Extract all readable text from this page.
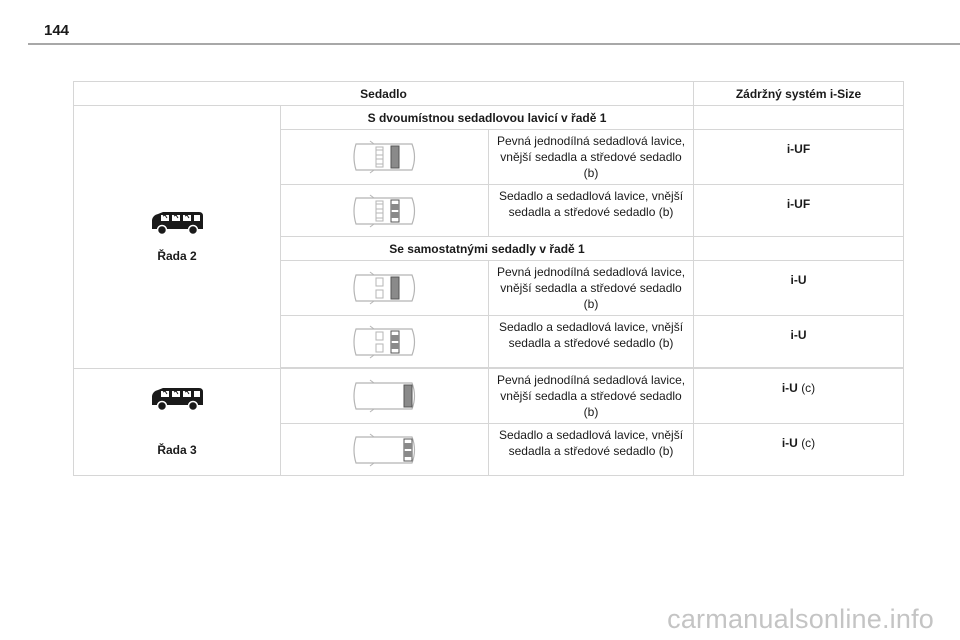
144
Sedadlo			Zádržný systém i-Size

Řada 2	S dvoumístnou sedadlovou lavicí v řadě 1		

	Pevná jednodílná sedadlová lavice, vnější sedadla a středové sedadlo (b)	i-UF

	Sedadlo a sedadlová lavice, vnější sedadla a středové sedadlo (b)	i-UF
	Se samostatnými sedadly v řadě 1		

	Pevná jednodílná sedadlová lavice, vnější sedadla a středové sedadlo (b)	i-U

	Sedadlo a sedadlová lavice, vnější sedadla a středové sedadlo (b)	i-U

Řada 3		Pevná jednodílná sedadlová lavice, vnější sedadla a středové sedadlo (b)	i-U (c)

	Sedadlo a sedadlová lavice, vnější sedadla a středové sedadlo (b)	i-U (c)
carmanualsonline.info
